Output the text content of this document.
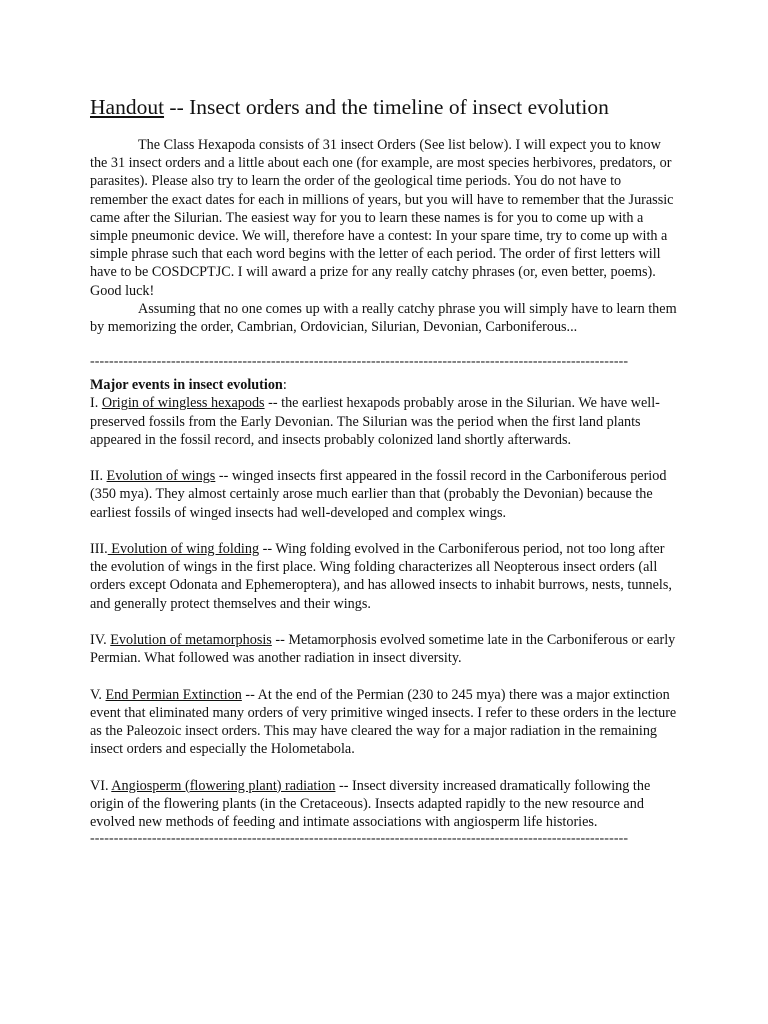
Handout -- Insect orders and the timeline of insect evolution

The Class Hexapoda consists of 31 insect Orders (See list below). I will expect you to know the 31 insect orders and a little about each one (for example, are most species herbivores, predators, or parasites). Please also try to learn the order of the geological time periods. You do not have to remember the exact dates for each in millions of years, but you will have to remember that the Jurassic came after the Silurian. The easiest way for you to learn these names is for you to come up with a simple pneumonic device. We will, therefore have a contest: In your spare time, try to come up with a simple phrase such that each word begins with the letter of each period. The order of first letters will have to be COSDCPTJC. I will award a prize for any really catchy phrases (or, even better, poems). Good luck!

Assuming that no one comes up with a really catchy phrase you will simply have to learn them by memorizing the order, Cambrian, Ordovician, Silurian, Devonian, Carboniferous...

-----------------------------------------------------------------------------------------------------------------

Major events in insect evolution:

I. Origin of wingless hexapods -- the earliest hexapods probably arose in the Silurian. We have well-preserved fossils from the Early Devonian. The Silurian was the period when the first land plants appeared in the fossil record, and insects probably colonized land shortly afterwards.

II. Evolution of wings -- winged insects first appeared in the fossil record in the Carboniferous period (350 mya). They almost certainly arose much earlier than that (probably the Devonian) because the earliest fossils of winged insects had well-developed and complex wings.

III. Evolution of wing folding -- Wing folding evolved in the Carboniferous period, not too long after the evolution of wings in the first place. Wing folding characterizes all Neopterous insect orders (all orders except Odonata and Ephemeroptera), and has allowed insects to inhabit burrows, nests, tunnels, and generally protect themselves and their wings.

IV. Evolution of metamorphosis -- Metamorphosis evolved sometime late in the Carboniferous or early Permian. What followed was another radiation in insect diversity.

V. End Permian Extinction -- At the end of the Permian (230 to 245 mya) there was a major extinction event that eliminated many orders of very primitive winged insects. I refer to these orders in the lecture as the Paleozoic insect orders. This may have cleared the way for a major radiation in the remaining insect orders and especially the Holometabola.

VI. Angiosperm (flowering plant) radiation -- Insect diversity increased dramatically following the origin of the flowering plants (in the Cretaceous). Insects adapted rapidly to the new resource and evolved new methods of feeding and intimate associations with angiosperm life histories.

-----------------------------------------------------------------------------------------------------------------
